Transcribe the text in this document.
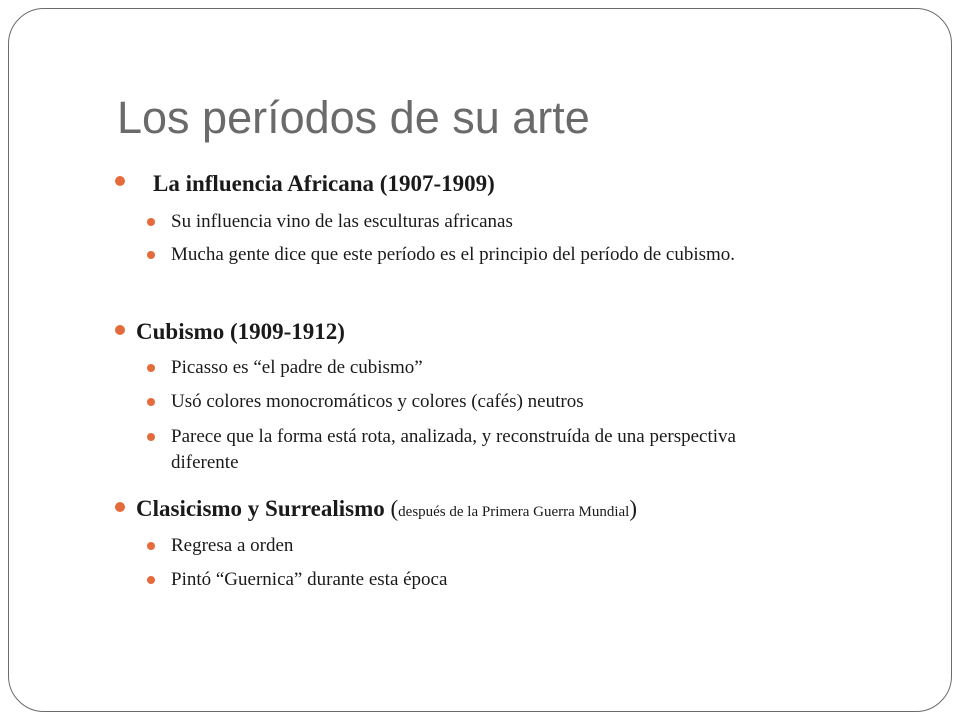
Los períodos de su arte
La influencia Africana (1907-1909)
Su influencia vino de las esculturas africanas
Mucha gente dice que este período es el principio del período de cubismo.
Cubismo (1909-1912)
Picasso es “el padre de cubismo”
Usó colores monocromáticos y colores (cafés) neutros
Parece que la forma está rota, analizada, y reconstruída de una perspectiva diferente
Clasicismo y Surrealismo (después de la Primera Guerra Mundial)
Regresa a orden
Pintó “Guernica” durante esta época
